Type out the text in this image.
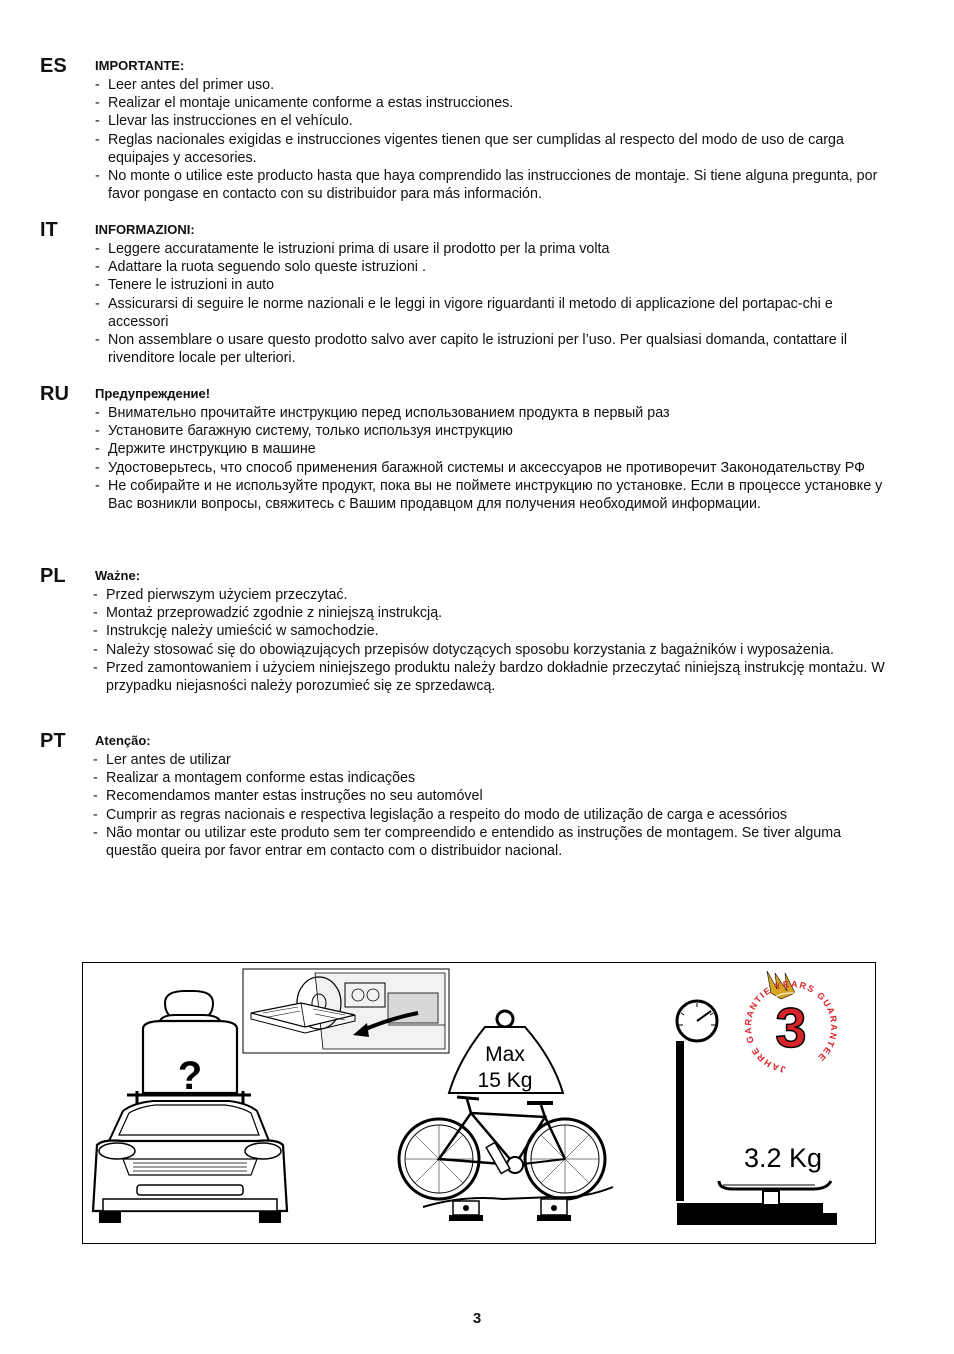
ES IMPORTANTE:
- Leer antes del primer uso.
- Realizar el montaje unicamente conforme a estas instrucciones.
- Llevar las instrucciones en el vehículo.
- Reglas nacionales exigidas e instrucciones vigentes tienen que ser cumplidas al respecto del modo de uso de carga equipajes y accesories.
- No monte o utilice este producto hasta que haya comprendido las instrucciones de montaje. Si tiene alguna pregunta, por favor pongase en contacto con su distribuidor para más información.
IT	INFORMAZIONI:
- Leggere accuratamente le istruzioni prima di usare il prodotto per la prima volta
- Adattare la ruota seguendo solo queste istruzioni .
- Tenere le istruzioni in auto
- Assicurarsi di seguire le norme nazionali e le leggi in vigore riguardanti il metodo di applicazione del portapac-chi e accessori
- Non assemblare o usare questo prodotto salvo aver capito le istruzioni per l’uso. Per qualsiasi domanda, contattare il rivenditore locale per ulteriori.
RU Предупреждение!
- Внимательно прочитайте инструкцию перед использованием продукта в первый раз
- Установите багажную систему, только используя инструкцию
- Держите инструкцию в машине
- Удостоверьтесь, что способ применения багажной системы и аксессуаров не противоречит Законодательству РФ
- Не собирайте и не используйте продукт, пока вы не поймете инструкцию по установке. Если в процессе установке у Вас возникли вопросы, свяжитесь с Вашим продавцом для получения необходимой информации.
PL Ważne:
- Przed pierwszym użyciem przeczytać.
- Montaż przeprowadzić zgodnie z niniejszą instrukcją.
- Instrukcję należy umieścić w samochodzie.
- Należy stosować się do obowiązujących przepisów dotyczących sposobu korzystania z bagażników i wyposażenia.
- Przed zamontowaniem i użyciem niniejszego produktu należy bardzo dokładnie przeczytać niniejszą instrukcję montażu. W przypadku niejasności należy porozumieć się ze sprzedawcą.
PT Atenção:
- Ler antes de utilizar
- Realizar a montagem conforme estas indicações
- Recomendamos manter estas instruções no seu automóvel
- Cumprir as regras nacionais e respectiva legislação a respeito do modo de utilização de carga e acessórios
- Não montar ou utilizar este produto sem ter compreendido e entendido as instruções de montagem. Se tiver alguma questão queira por favor entrar em contacto com o distribuidor nacional.
?	Max
15 Kg
3.2 Kg
3
JAHRE GARANTIE YEARS GUARANTEE
3
